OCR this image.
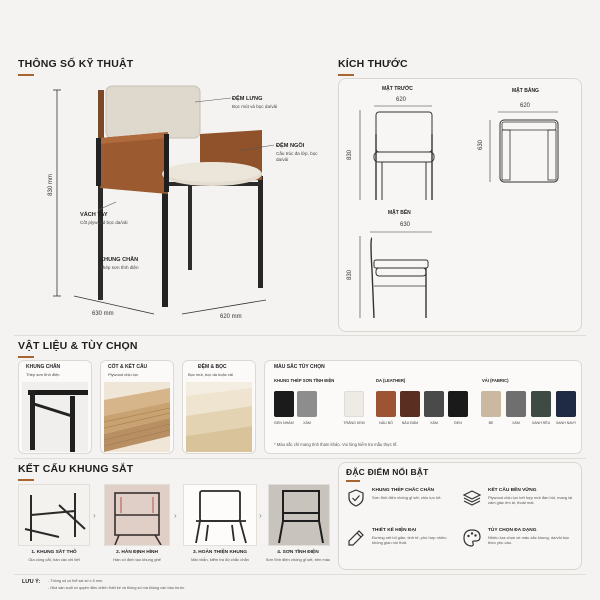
THÔNG SỐ KỸ THUẬT
830 mm
630 mm	620 mm
ĐỆM LƯNG
Bọc mút và bọc da/vải
ĐỆM NGỒI
Cấu trúc đa lớp, bọc da/vải
VÁCH TAY
Cốt plywood bọc da/vải
KHUNG CHÂN
Thép sơn tĩnh điện
KÍCH THƯỚC
MẶT TRƯỚC
620
830
MẶT BẰNG
620
630
MẶT BÊN
630
830
VẬT LIỆU & TÙY CHỌN
KHUNG CHÂN
Thép sơn tĩnh điện
CỐT & KẾT CẤU
Plywood chịu lực
ĐỆM & BỌC
Bọc mút, bọc da hoặc vải
MÀU SẮC TÙY CHỌN
KHUNG THÉP SƠN TĨNH ĐIỆN	DA (LEATHER)	VẢI (FABRIC)
ĐEN NHÁM	XÁM	TRẮNG KEM	NÂU BÒ	NÂU ĐẬM	XÁM	ĐEN	BE	XÁM	XANH RÊU	XANH NAVY
* Màu sắc chỉ mang tính tham khảo. Vui lòng kiểm tra mẫu thực tế.
KẾT CẤU KHUNG SẮT
›	›	›
1. KHUNG SẮT THÔ
Gia công cắt, hàn các chi tiết
2. HÀN ĐỊNH HÌNH
Hàn cố định tạo khung ghế
3. HOÀN THIỆN KHUNG
Mài nhẵn, kiểm tra độ chắc chắn
4. SƠN TĨNH ĐIỆN
Sơn tĩnh điện chống gỉ sét, bền màu
ĐẶC ĐIỂM NỔI BẬT
KHUNG THÉP CHẮC CHẮN
Sơn tĩnh điện chống gỉ sét, chịu lực tốt.
KẾT CẤU BỀN VỮNG
Plywood chịu lực kết hợp mút đàn hồi, mang lại cảm giác êm ái, thoải mái.
THIẾT KẾ HIỆN ĐẠI
Đường nét tối giản, tinh tế, phù hợp nhiều không gian nội thất.
TÙY CHỌN ĐA DẠNG
Nhiều lựa chọn về màu sắc khung, da/vải bọc theo yêu cầu.
LƯU Ý: - Thông số có thể sai số ± 5 mm.
- Nhà sản xuất có quyền điều chỉnh thiết kế và thông số mà không cần báo trước.
